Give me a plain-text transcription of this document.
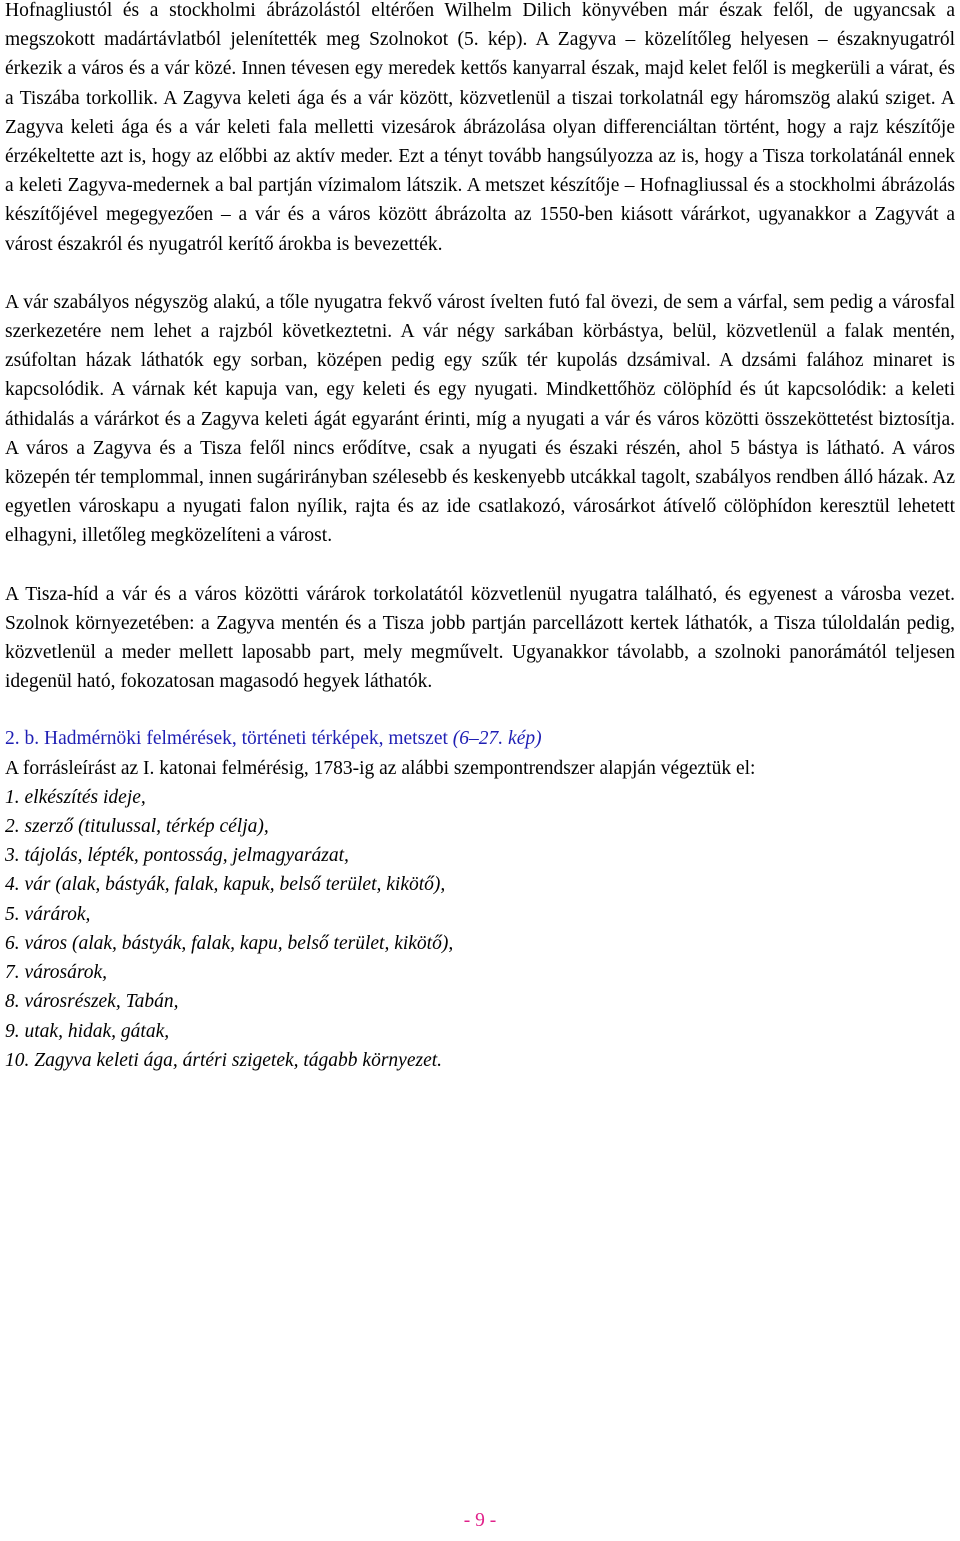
Hofnagliustól és a stockholmi ábrázolástól eltérően Wilhelm Dilich könyvében már észak felől, de ugyancsak a megszokott madártávlatból jelenítették meg Szolnokot (5. kép). A Zagyva – közelítőleg helyesen – északnyugatról érkezik a város és a vár közé. Innen tévesen egy meredek kettős kanyarral észak, majd kelet felől is megkerüli a várat, és a Tiszába torkollik. A Zagyva keleti ága és a vár között, közvetlenül a tiszai torkolatnál egy háromszög alakú sziget. A Zagyva keleti ága és a vár keleti fala melletti vizesárok ábrázolása olyan differenciáltan történt, hogy a rajz készítője érzékeltette azt is, hogy az előbbi az aktív meder. Ezt a tényt tovább hangsúlyozza az is, hogy a Tisza torkolatánál ennek a keleti Zagyva-medernek a bal partján vízimalom látszik. A metszet készítője – Hofnagliussal és a stockholmi ábrázolás készítőjével megegyezően – a vár és a város között ábrázolta az 1550-ben kiásott várárkot, ugyanakkor a Zagyvát a várost északról és nyugatról kerítő árokba is bevezették.

A vár szabályos négyszög alakú, a tőle nyugatra fekvő várost ívelten futó fal övezi, de sem a várfal, sem pedig a városfal szerkezetére nem lehet a rajzból következtetni. A vár négy sarkában körbástya, belül, közvetlenül a falak mentén, zsúfoltan házak láthatók egy sorban, középen pedig egy szűk tér kupolás dzsámival. A dzsámi falához minaret is kapcsolódik. A várnak két kapuja van, egy keleti és egy nyugati. Mindkettőhöz cölöphíd és út kapcsolódik: a keleti áthidalás a várárkot és a Zagyva keleti ágát egyaránt érinti, míg a nyugati a vár és város közötti összeköttetést biztosítja. A város a Zagyva és a Tisza felől nincs erődítve, csak a nyugati és északi részén, ahol 5 bástya is látható. A város közepén tér templommal, innen sugárirányban szélesebb és keskenyebb utcákkal tagolt, szabályos rendben álló házak. Az egyetlen városkapu a nyugati falon nyílik, rajta és az ide csatlakozó, városárkot átívelő cölöphídon keresztül lehetett elhagyni, illetőleg megközelíteni a várost.

A Tisza-híd a vár és a város közötti várárok torkolatától közvetlenül nyugatra található, és egyenest a városba vezet. Szolnok környezetében: a Zagyva mentén és a Tisza jobb partján parcellázott kertek láthatók, a Tisza túloldalán pedig, közvetlenül a meder mellett laposabb part, mely megművelt. Ugyanakkor távolabb, a szolnoki panorámától teljesen idegenül ható, fokozatosan magasodó hegyek láthatók.

2. b. Hadmérnöki felmérések, történeti térképek, metszet (6–27. kép)

A forrásleírást az I. katonai felmérésig, 1783-ig az alábbi szempontrendszer alapján végeztük el:

1. elkészítés ideje,
2. szerző (titulussal, térkép célja),
3. tájolás, lépték, pontosság, jelmagyarázat,
4. vár (alak, bástyák, falak, kapuk, belső terület, kikötő),
5. várárok,
6. város (alak, bástyák, falak, kapu, belső terület, kikötő),
7. városárok,
8. városrészek, Tabán,
9. utak, hidak, gátak,
10. Zagyva keleti ága, ártéri szigetek, tágabb környezet.
- 9 -
